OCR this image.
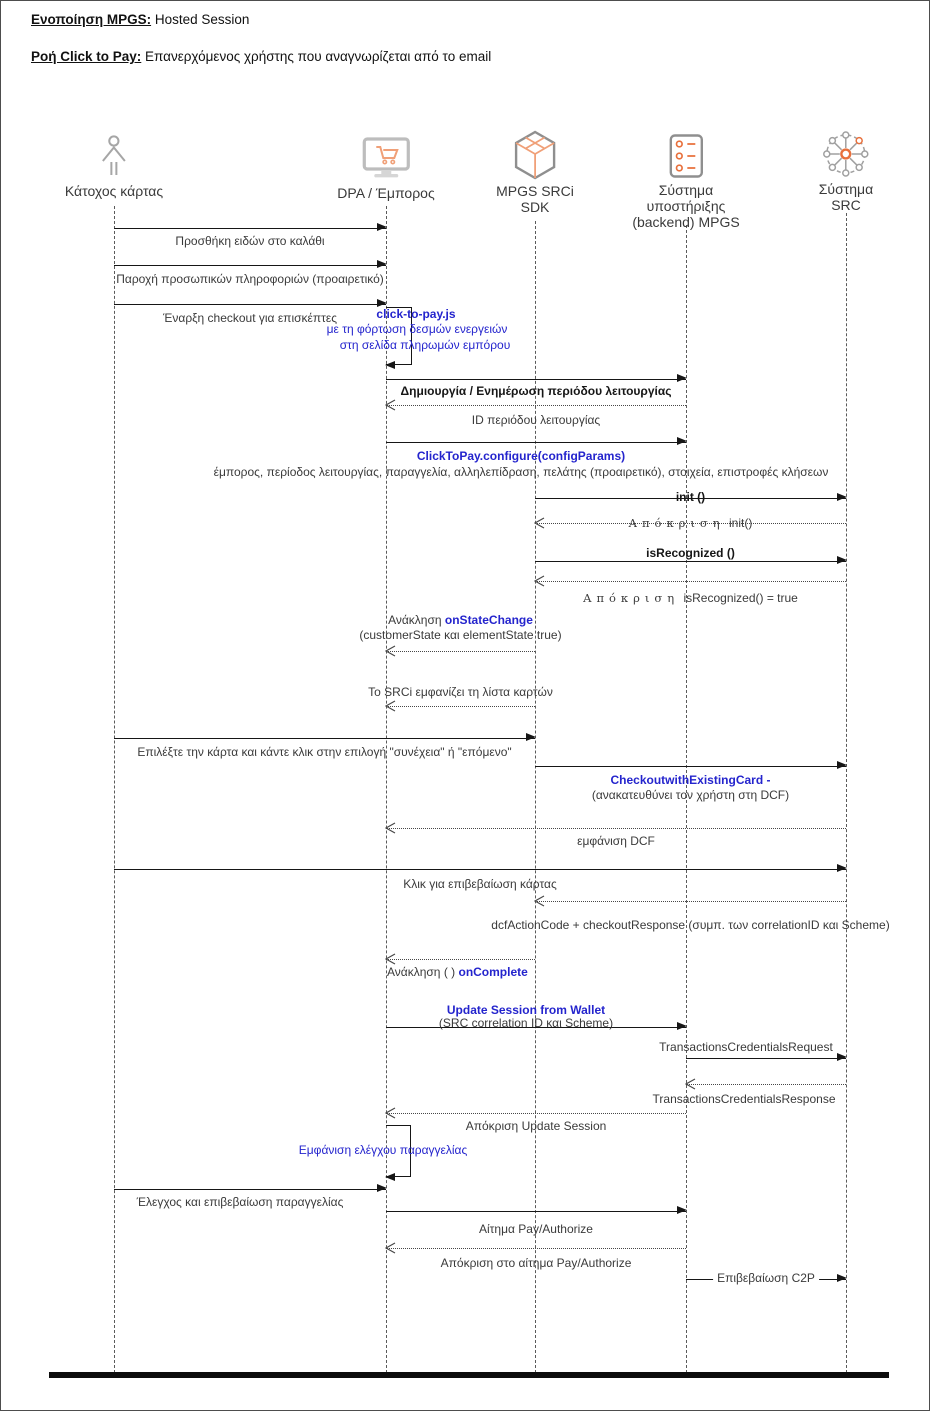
Ενοποίηση MPGS: Hosted Session
Ροή Click to Pay: Επανερχόμενος χρήστης που αναγνωρίζεται από το email
Κάτοχος κάρτας	DPA / Έμπορος	MPGS SRCi
SDK
Σύστημα
υποστήριξης
(backend) MPGS
Σύστημα
SRC
Προσθήκη ειδών στο καλάθι
Παροχή προσωπικών πληροφοριών (προαιρετικό)
Έναρξη checkout για επισκέπτες	click-to-pay.js
με τη φόρτωση δεσμών ενεργειών
στη σελίδα πληρωμών εμπόρου
Δημιουργία / Ενημέρωση περιόδου λειτουργίας
ID περιόδου λειτουργίας
ClickToPay.configure(configParams)
έμπορος, περίοδος λειτουργίας, παραγγελία, αλληλεπίδραση, πελάτης (προαιρετικό), στοιχεία, επιστροφές κλήσεων
init ()
Απόκριση init()
isRecognized ()
Απόκριση isRecognized() = true
Ανάκληση onStateChange
(customerState και elementState true)
Το SRCi εμφανίζει τη λίστα καρτών
Επιλέξτε την κάρτα και κάντε κλικ στην επιλογή "συνέχεια" ή "επόμενο"
CheckoutwithExistingCard -
(ανακατευθύνει τον χρήστη στη DCF)
εμφάνιση DCF
Κλικ για επιβεβαίωση κάρτας
dcfActionCode + checkoutResponse (συμπ. των correlationID και Scheme)
Ανάκληση ( ) onComplete
Update Session from Wallet
(SRC correlation ID και Scheme)
TransactionsCredentialsRequest
TransactionsCredentialsResponse
Απόκριση Update Session
Εμφάνιση ελέγχου παραγγελίας
Έλεγχος και επιβεβαίωση παραγγελίας
Αίτημα Pay/Authorize
Απόκριση στο αίτημα Pay/Authorize
Επιβεβαίωση C2P
